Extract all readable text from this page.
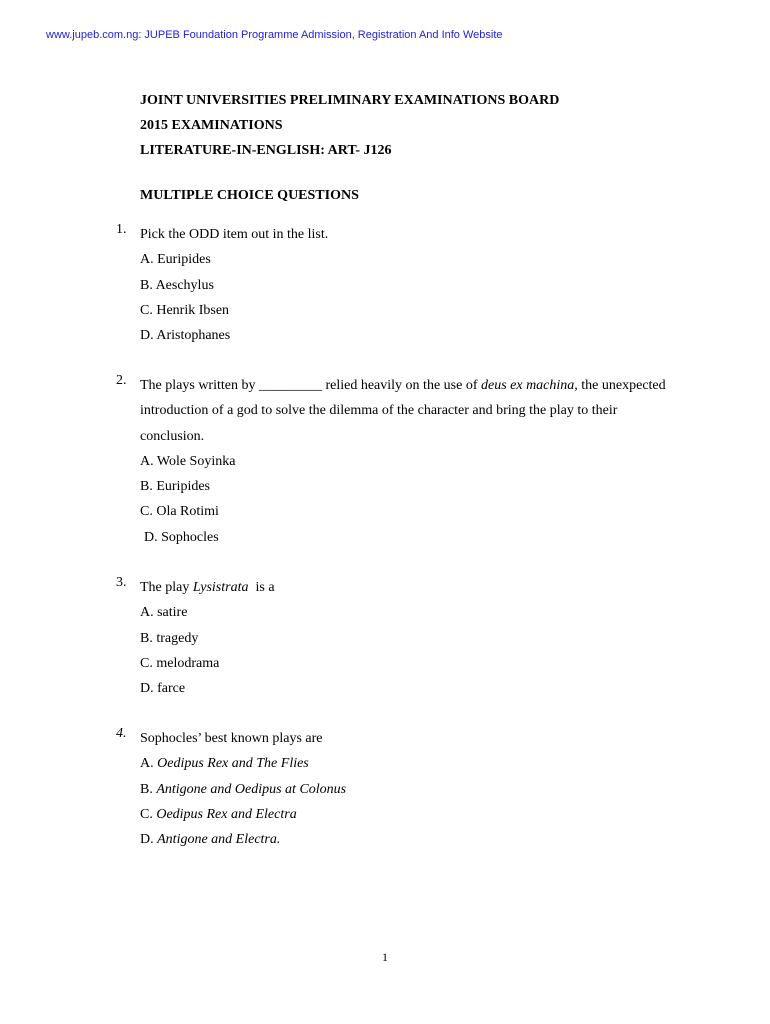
www.jupeb.com.ng: JUPEB Foundation Programme Admission, Registration And Info Website
JOINT UNIVERSITIES PRELIMINARY EXAMINATIONS BOARD
2015 EXAMINATIONS
LITERATURE-IN-ENGLISH: ART- J126
MULTIPLE CHOICE QUESTIONS
1. Pick the ODD item out in the list.
A. Euripides
B. Aeschylus
C. Henrik Ibsen
D. Aristophanes
2. The plays written by _________ relied heavily on the use of deus ex machina, the unexpected introduction of a god to solve the dilemma of the character and bring the play to their conclusion.
A. Wole Soyinka
B. Euripides
C. Ola Rotimi
D. Sophocles
3. The play Lysistrata  is a
A. satire
B. tragedy
C. melodrama
D. farce
4. Sophocles’ best known plays are
A. Oedipus Rex and The Flies
B. Antigone and Oedipus at Colonus
C. Oedipus Rex and Electra
D. Antigone and Electra.
1
